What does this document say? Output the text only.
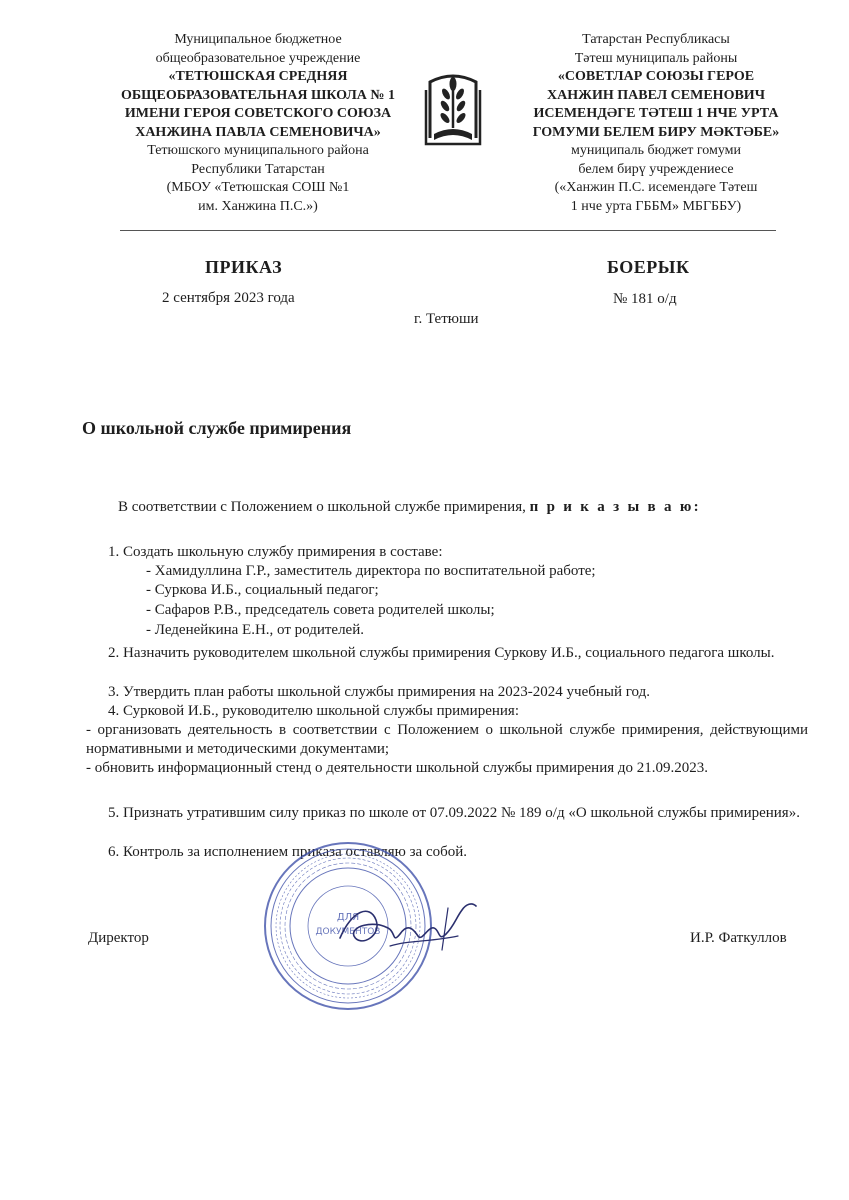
Муниципальное бюджетное
общеобразовательное учреждение
«ТЕТЮШСКАЯ СРЕДНЯЯ
ОБЩЕОБРАЗОВАТЕЛЬНАЯ ШКОЛА № 1
ИМЕНИ ГЕРОЯ СОВЕТСКОГО СОЮЗА
ХАНЖИНА ПАВЛА СЕМЕНОВИЧА»
Тетюшского муниципального района
Республики Татарстан
(МБОУ «Тетюшская СОШ №1
им. Ханжина П.С.»)
Татарстан Республикасы
Тәтеш муниципаль районы
«СОВЕТЛАР СОЮЗЫ ГЕРОЕ
ХАНЖИН ПАВЕЛ СЕМЕНОВИЧ
ИСЕМЕНДӘГЕ ТӘТЕШ 1 НЧЕ УРТА
ГОМУМИ БЕЛЕМ БИРУ МӘКТӘБЕ»
муниципаль бюджет гомуми
белем бирү учреждениесе
(«Ханжин П.С. исемендәге Тәтеш
1 нче урта ГББМ» МБГББУ)
ПРИКАЗ	БОЕРЫК
2 сентября 2023 года	№ 181 о/д
г. Тетюши
О школьной службе примирения
В соответствии с Положением о школьной службе примирения, п р и к а з ы в а ю:
1. Создать школьную службу примирения в составе:
- Хамидуллина Г.Р., заместитель директора по воспитательной работе;
- Суркова И.Б., социальный педагог;
- Сафаров Р.В., председатель совета родителей школы;
- Леденейкина Е.Н., от родителей.
2. Назначить руководителем школьной службы примирения Суркову И.Б., социального педагога школы.
3. Утвердить план работы школьной службы примирения на 2023-2024 учебный год.
4. Сурковой И.Б., руководителю школьной службы примирения:
- организовать деятельность в соответствии с Положением о школьной службе примирения, действующими нормативными и методическими документами;
- обновить информационный стенд о деятельности школьной службы примирения до 21.09.2023.
5. Признать утратившим силу приказ по школе от 07.09.2022 № 189 о/д «О школьной службы примирения».
6. Контроль за исполнением приказа оставляю за собой.
ДЛЯ
ДОКУМЕНТОВ
Директор	И.Р. Фаткуллов
